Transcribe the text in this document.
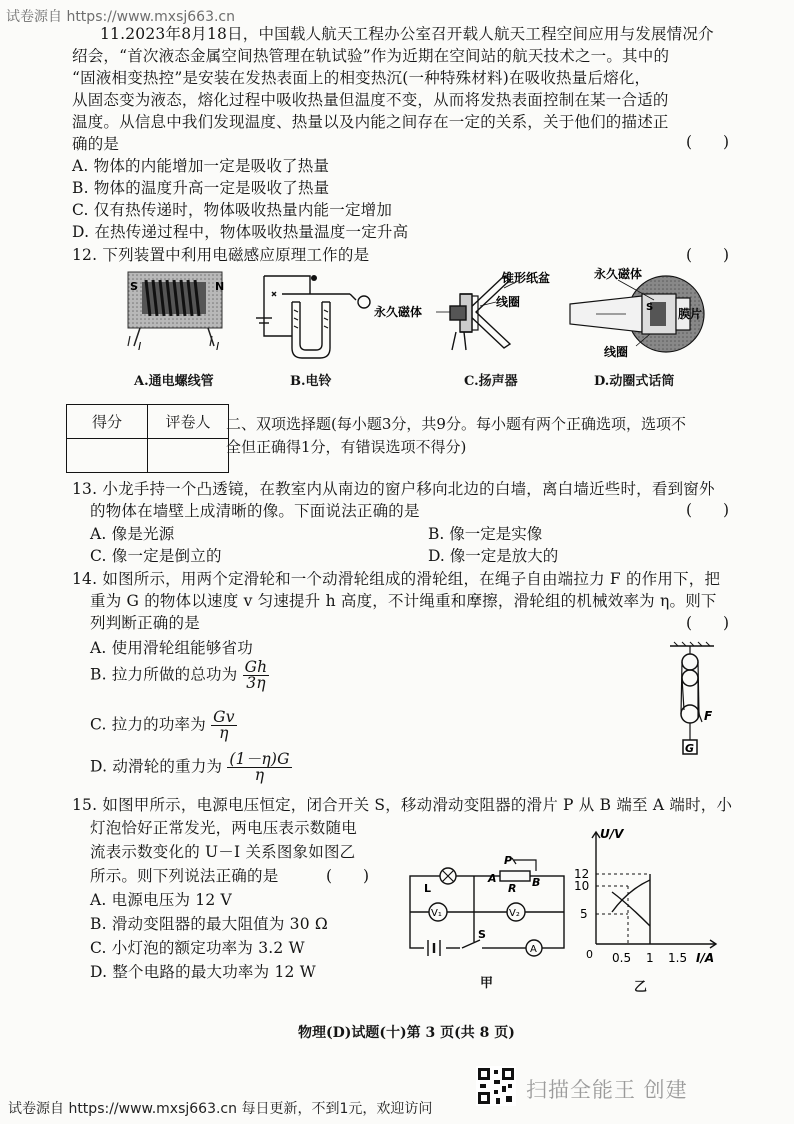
试卷源自 https://www.mxsj663.cn
11.2023年8月18日，中国载人航天工程办公室召开载人航天工程空间应用与发展情况介
绍会，“首次液态金属空间热管理在轨试验”作为近期在空间站的航天技术之一。其中的
“固液相变热控”是安装在发热表面上的相变热沉(一种特殊材料)在吸收热量后熔化，
从固态变为液态，熔化过程中吸收热量但温度不变，从而将发热表面控制在某一合适的
温度。从信息中我们发现温度、热量以及内能之间存在一定的关系，关于他们的描述正
确的是	(　　)
A. 物体的内能增加一定是吸收了热量
B. 物体的温度升高一定是吸收了热量
C. 仅有热传递时，物体吸收热量内能一定增加
D. 在热传递过程中，物体吸收热量温度一定升高
12. 下列装置中利用电磁感应原理工作的是	(　　)
S	N
I	I
A.通电螺线管	B.电铃
锥形纸盆
永久磁体
线圈
C.扬声器
永久磁体
S 膜片
线圈
D.动圈式话筒
得分	评卷人
	二、双项选择题(每小题3分，共9分。每小题有两个正确选项，选项不
全但正确得1分，有错误选项不得分)
13. 小龙手持一个凸透镜，在教室内从南边的窗户移向北边的白墙，离白墙近些时，看到窗外
的物体在墙壁上成清晰的像。下面说法正确的是	(　　)
A. 像是光源	B. 像一定是实像
C. 像一定是倒立的	D. 像一定是放大的
14. 如图所示，用两个定滑轮和一个动滑轮组成的滑轮组，在绳子自由端拉力 F 的作用下，把
重为 G 的物体以速度 v 匀速提升 h 高度，不计绳重和摩擦，滑轮组的机械效率为 η。则下
列判断正确的是	(　　)
A. 使用滑轮组能够省功
B. 拉力所做的总功为 $\frac{Gh}{3\eta}$
C. 拉力的功率为 $\frac{Gv}{\eta}$
D. 动滑轮的重力为 $\frac{(1-\eta)G}{\eta}$
F
G
15. 如图甲所示，电源电压恒定，闭合开关 S，移动滑动变阻器的滑片 P 从 B 端至 A 端时，小
灯泡恰好正常发光，两电压表示数随电
流表示数变化的 U－I 关系图象如图乙
所示。则下列说法正确的是	(　　)
A. 电源电压为 12 V
B. 滑动变阻器的最大阻值为 30 Ω
C. 小灯泡的额定功率为 3.2 W
D. 整个电路的最大功率为 12 W
L
P
A
R B
V₁	V₂
S
A
甲
U/V
I/A
12
10
5
0 0.5 1 1.5
乙
物理(D)试题(十)第 3 页(共 8 页)
试卷源自 https://www.mxsj663.cn 每日更新，不到1元，欢迎访问
扫描全能王 创建
